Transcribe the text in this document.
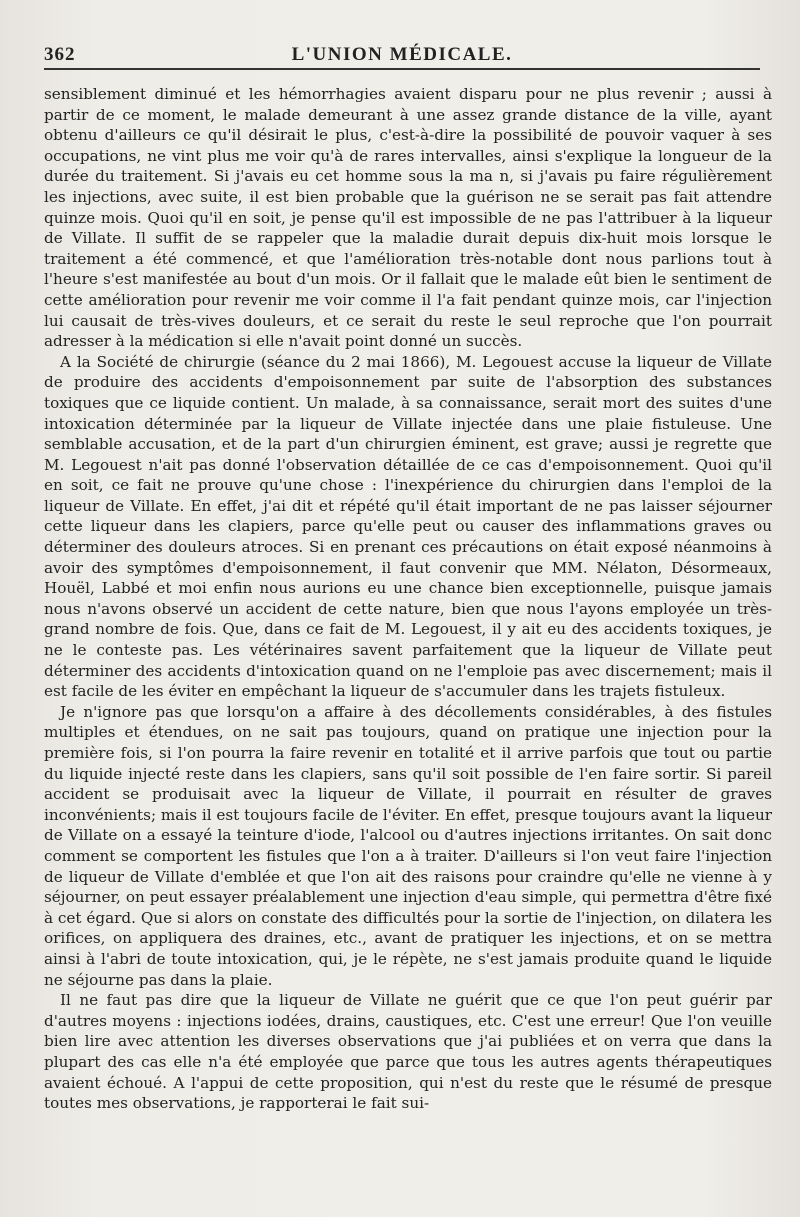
362	L'UNION MÉDICALE.

sensiblement diminué et les hémorrhagies avaient disparu pour ne plus revenir ; aussi à partir de ce moment, le malade demeurant à une assez grande distance de la ville, ayant obtenu d'ailleurs ce qu'il désirait le plus, c'est-à-dire la possibilité de pouvoir vaquer à ses occupations, ne vint plus me voir qu'à de rares intervalles, ainsi s'explique la longueur de la durée du traitement. Si j'avais eu cet homme sous la ma n, si j'avais pu faire régulièrement les injections, avec suite, il est bien probable que la guérison ne se serait pas fait attendre quinze mois. Quoi qu'il en soit, je pense qu'il est impossible de ne pas l'attribuer à la liqueur de Villate. Il suffit de se rappeler que la maladie durait depuis dix-huit mois lorsque le traitement a été commencé, et que l'amélioration très-notable dont nous parlions tout à l'heure s'est manifestée au bout d'un mois. Or il fallait que le malade eût bien le sentiment de cette amélioration pour revenir me voir comme il l'a fait pendant quinze mois, car l'injection lui causait de très-vives douleurs, et ce serait du reste le seul reproche que l'on pourrait adresser à la médication si elle n'avait point donné un succès.

A la Société de chirurgie (séance du 2 mai 1866), M. Legouest accuse la liqueur de Villate de produire des accidents d'empoisonnement par suite de l'absorption des substances toxiques que ce liquide contient. Un malade, à sa connaissance, serait mort des suites d'une intoxication déterminée par la liqueur de Villate injectée dans une plaie fistuleuse. Une semblable accusation, et de la part d'un chirurgien éminent, est grave; aussi je regrette que M. Legouest n'ait pas donné l'observation détaillée de ce cas d'empoisonnement. Quoi qu'il en soit, ce fait ne prouve qu'une chose : l'inexpérience du chirurgien dans l'emploi de la liqueur de Villate. En effet, j'ai dit et répété qu'il était important de ne pas laisser séjourner cette liqueur dans les clapiers, parce qu'elle peut ou causer des inflammations graves ou déterminer des douleurs atroces. Si en prenant ces précautions on était exposé néanmoins à avoir des symptômes d'empoisonnement, il faut convenir que MM. Nélaton, Désormeaux, Houël, Labbé et moi enfin nous aurions eu une chance bien exceptionnelle, puisque jamais nous n'avons observé un accident de cette nature, bien que nous l'ayons employée un très-grand nombre de fois. Que, dans ce fait de M. Legouest, il y ait eu des accidents toxiques, je ne le conteste pas. Les vétérinaires savent parfaitement que la liqueur de Villate peut déterminer des accidents d'intoxication quand on ne l'emploie pas avec discernement; mais il est facile de les éviter en empêchant la liqueur de s'accumuler dans les trajets fistuleux.

Je n'ignore pas que lorsqu'on a affaire à des décollements considérables, à des fistules multiples et étendues, on ne sait pas toujours, quand on pratique une injection pour la première fois, si l'on pourra la faire revenir en totalité et il arrive parfois que tout ou partie du liquide injecté reste dans les clapiers, sans qu'il soit possible de l'en faire sortir. Si pareil accident se produisait avec la liqueur de Villate, il pourrait en résulter de graves inconvénients; mais il est toujours facile de l'éviter. En effet, presque toujours avant la liqueur de Villate on a essayé la teinture d'iode, l'alcool ou d'autres injections irritantes. On sait donc comment se comportent les fistules que l'on a à traiter. D'ailleurs si l'on veut faire l'injection de liqueur de Villate d'emblée et que l'on ait des raisons pour craindre qu'elle ne vienne à y séjourner, on peut essayer préalablement une injection d'eau simple, qui permettra d'être fixé à cet égard. Que si alors on constate des difficultés pour la sortie de l'injection, on dilatera les orifices, on appliquera des draines, etc., avant de pratiquer les injections, et on se mettra ainsi à l'abri de toute intoxication, qui, je le répète, ne s'est jamais produite quand le liquide ne séjourne pas dans la plaie.

Il ne faut pas dire que la liqueur de Villate ne guérit que ce que l'on peut guérir par d'autres moyens : injections iodées, drains, caustiques, etc. C'est une erreur! Que l'on veuille bien lire avec attention les diverses observations que j'ai publiées et on verra que dans la plupart des cas elle n'a été employée que parce que tous les autres agents thérapeutiques avaient échoué. A l'appui de cette proposition, qui n'est du reste que le résumé de presque toutes mes observations, je rapporterai le fait sui-
